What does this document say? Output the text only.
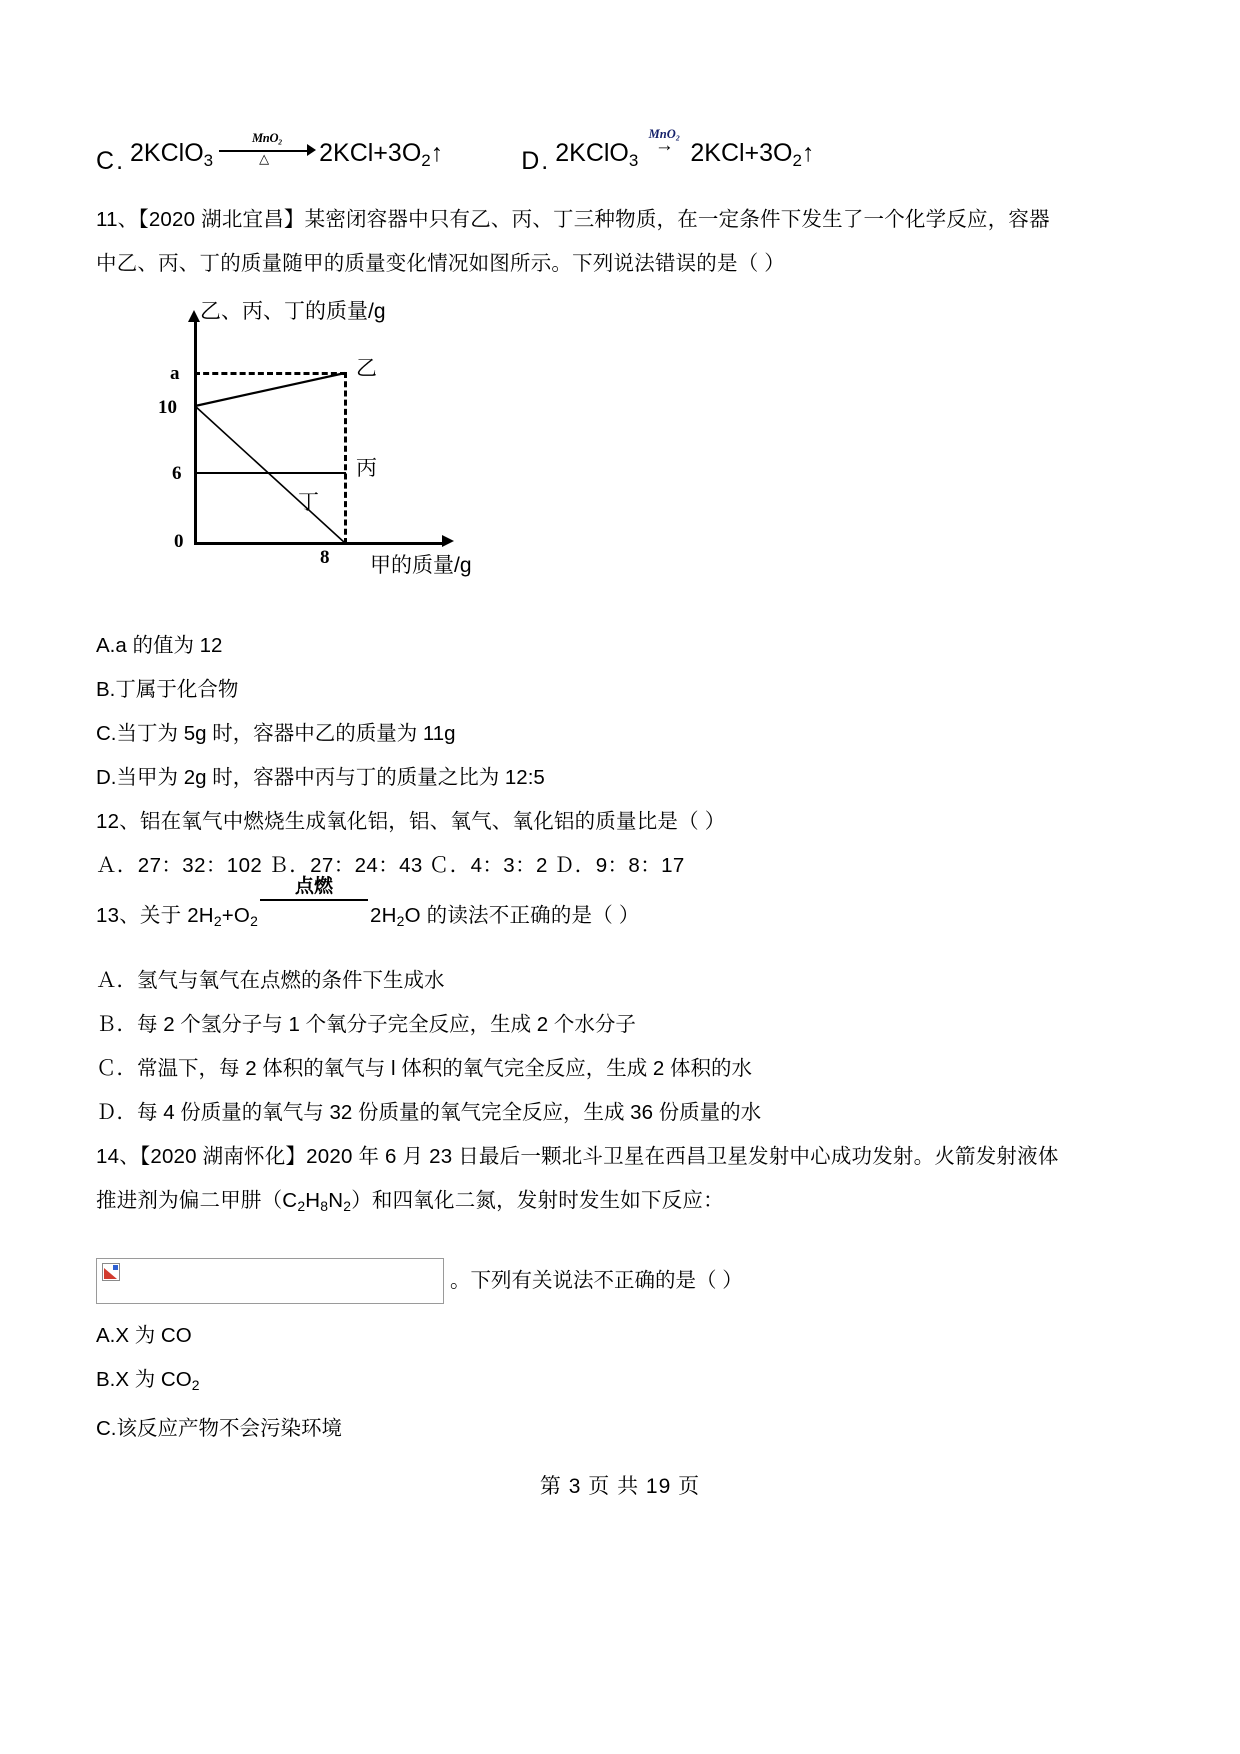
C . 2KClO$_3$
MnO₂
△	$2KCl+3O_2↑$	D . 2KClO$_3$
MnO₂
→ $2KCl+3O_2↑$
11、【2020 湖北宜昌】某密闭容器中只有乙、丙、丁三种物质，在一定条件下发生了一个化学反应，容器
中乙、丙、丁的质量随甲的质量变化情况如图所示。下列说法错误的是（ ）
乙、丙、丁的质量/g
a
10
6
0
8
乙
丙
丁
甲的质量/g
A.a 的值为 12
B.丁属于化合物
C.当丁为 5g 时，容器中乙的质量为 11g
D.当甲为 2g 时，容器中丙与丁的质量之比为 12:5
12、铝在氧气中燃烧生成氧化铝，铝、氧气、氧化铝的质量比是（ ）
Ａ．27：32：102 Ｂ．27：24：43 Ｃ．4：3：2 Ｄ．9：8：17
13、关于 $2H_2+O_2$
点燃
$2H_2O$ 的读法不正确的是（ ）
Ａ．氢气与氧气在点燃的条件下生成水
Ｂ．每 2 个氢分子与 1 个氧分子完全反应，生成 2 个水分子
Ｃ．常温下，每 2 体积的氧气与 l 体积的氧气完全反应，生成 2 体积的水
Ｄ．每 4 份质量的氧气与 32 份质量的氧气完全反应，生成 36 份质量的水
14、【2020 湖南怀化】2020 年 6 月 23 日最后一颗北斗卫星在西昌卫星发射中心成功发射。火箭发射液体
推进剂为偏二甲肼$(C_2H_8N_2)$和四氧化二氮，发射时发生如下反应：
。下列有关说法不正确的是（ ）
A.X 为 CO
B.X 为 $CO_2$
C.该反应产物不会污染环境
第 3 页 共 19 页
